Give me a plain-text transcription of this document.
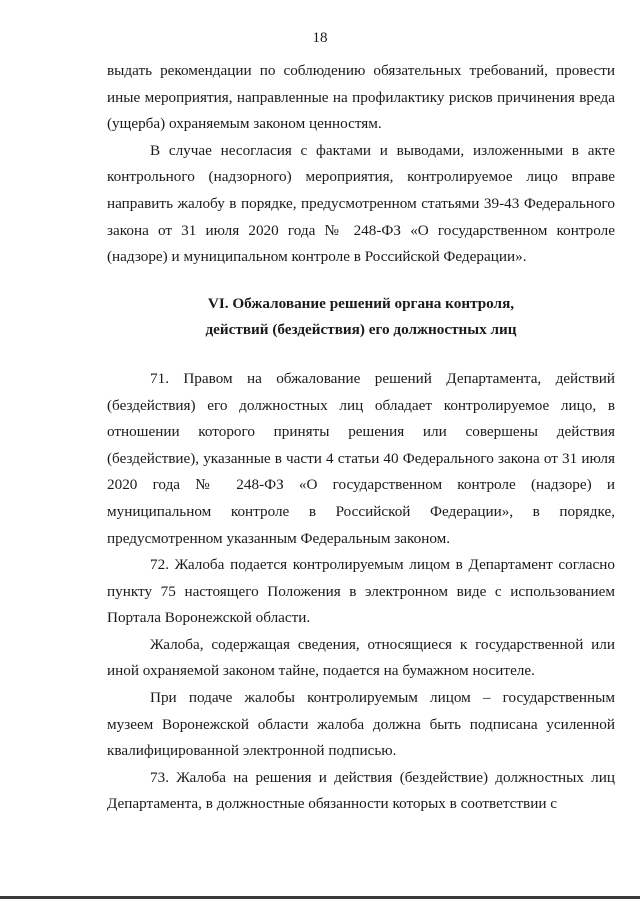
18

выдать рекомендации по соблюдению обязательных требований, провести иные мероприятия, направленные на профилактику рисков причинения вреда (ущерба) охраняемым законом ценностям.

В случае несогласия с фактами и выводами, изложенными в акте контрольного (надзорного) мероприятия, контролируемое лицо вправе направить жалобу в порядке, предусмотренном статьями 39-43 Федерального закона от 31 июля 2020 года № 248-ФЗ «О государственном контроле (надзоре) и муниципальном контроле в Российской Федерации».

VI. Обжалование решений органа контроля,

действий (бездействия) его должностных лиц

71. Правом на обжалование решений Департамента, действий (бездействия) его должностных лиц обладает контролируемое лицо, в отношении которого приняты решения или совершены действия (бездействие), указанные в части 4 статьи 40 Федерального закона от 31 июля 2020 года № 248-ФЗ «О государственном контроле (надзоре) и муниципальном контроле в Российской Федерации», в порядке, предусмотренном указанным Федеральным законом.

72. Жалоба подается контролируемым лицом в Департамент согласно пункту 75 настоящего Положения в электронном виде с использованием Портала Воронежской области.

Жалоба, содержащая сведения, относящиеся к государственной или иной охраняемой законом тайне, подается на бумажном носителе.

При подаче жалобы контролируемым лицом – государственным музеем Воронежской области жалоба должна быть подписана усиленной квалифицированной электронной подписью.

73. Жалоба на решения и действия (бездействие) должностных лиц Департамента, в должностные обязанности которых в соответствии с
